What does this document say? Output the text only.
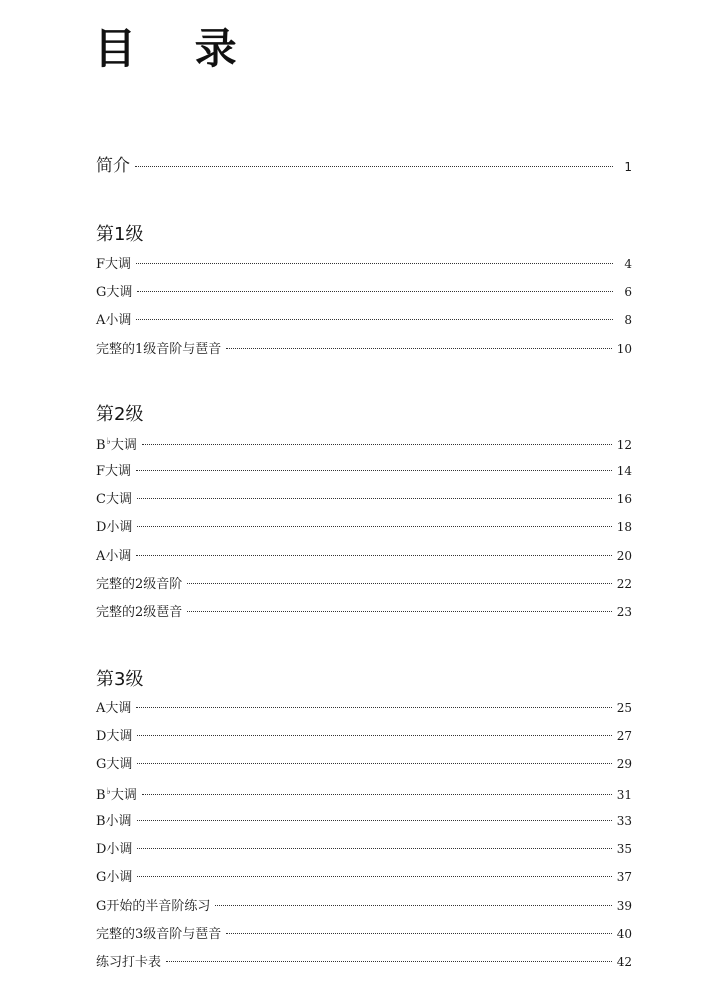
目 录
简介	1
第1级
F大调	4
G大调	6
A小调	8
完整的1级音阶与琶音	10
第2级
B♭大调	12
F大调	14
C大调	16
D小调	18
A小调	20
完整的2级音阶	22
完整的2级琶音	23
第3级
A大调	25
D大调	27
G大调	29
B♭大调	31
B小调	33
D小调	35
G小调	37
G开始的半音阶练习	39
完整的3级音阶与琶音	40
练习打卡表	42
